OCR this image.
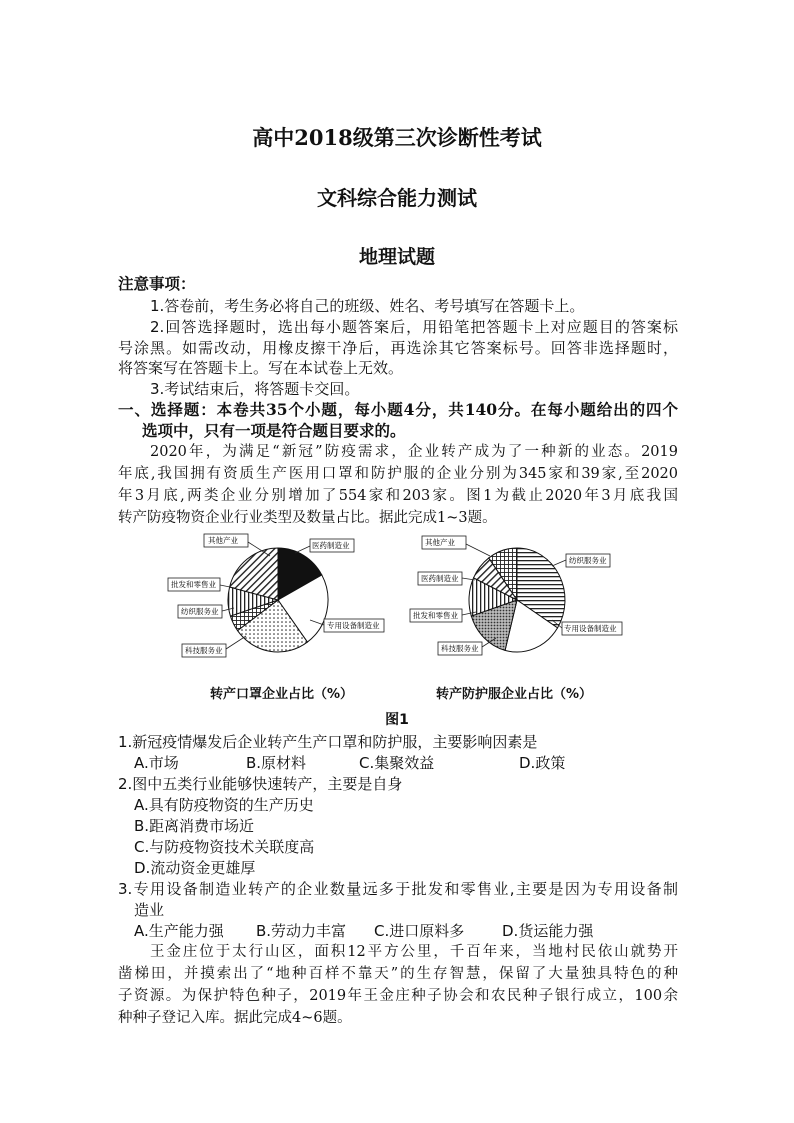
高中2018级第三次诊断性考试
文科综合能力测试
地理试题
注意事项：
1.答卷前，考生务必将自己的班级、姓名、考号填写在答题卡上。
2.回答选择题时，选出每小题答案后，用铅笔把答题卡上对应题目的答案标
号涂黑。如需改动，用橡皮擦干净后，再选涂其它答案标号。回答非选择题时，
将答案写在答题卡上。写在本试卷上无效。
3.考试结束后，将答题卡交回。
一、选择题：本卷共35个小题，每小题4分，共140分。在每小题给出的四个
选项中，只有一项是符合题目要求的。
2020年，为满足“新冠”防疫需求，企业转产成为了一种新的业态。2019
年底,我国拥有资质生产医用口罩和防护服的企业分别为345家和39家,至2020
年3月底,两类企业分别增加了554家和203家。图1为截止2020年3月底我国
转产防疫物资企业行业类型及数量占比。据此完成1~3题。
其他产业
医药制造业
批发和零售业
纺织服务业
科技服务业
专用设备制造业
其他产业
纺织服务业
医药制造业
批发和零售业
科技服务业
专用设备制造业
转产口罩企业占比（%）	转产防护服企业占比（%）
图1
1.新冠疫情爆发后企业转产生产口罩和防护服，主要影响因素是
A.市场	B.原材料	C.集聚效益	D.政策
2.图中五类行业能够快速转产，主要是自身
A.具有防疫物资的生产历史
B.距离消费市场近
C.与防疫物资技术关联度高
D.流动资金更雄厚
3.专用设备制造业转产的企业数量远多于批发和零售业,主要是因为专用设备制
造业
A.生产能力强 B.劳动力丰富 C.进口原料多	D.货运能力强
王金庄位于太行山区，面积12平方公里，千百年来，当地村民依山就势开
凿梯田，并摸索出了“地种百样不靠天”的生存智慧，保留了大量独具特色的种
子资源。为保护特色种子，2019年王金庄种子协会和农民种子银行成立，100余
种种子登记入库。据此完成4~6题。
